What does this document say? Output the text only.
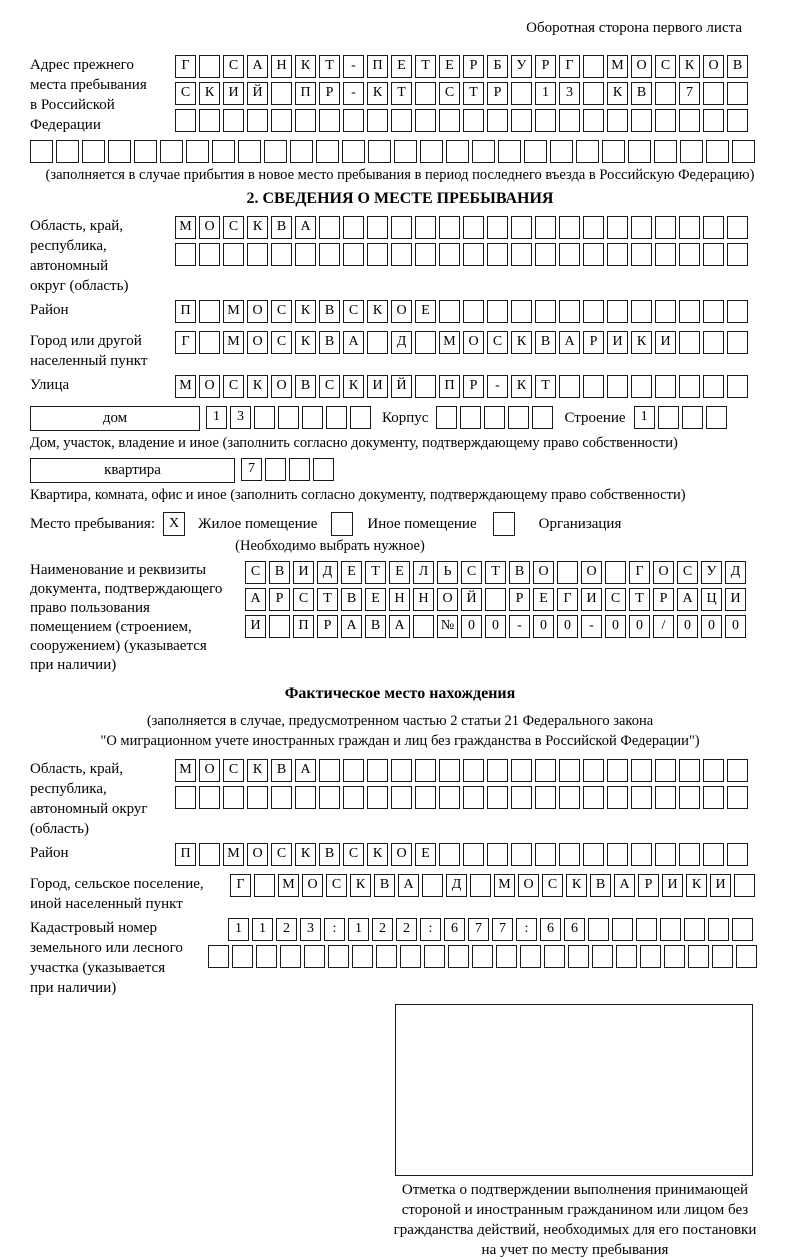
Оборотная сторона первого листа
Адрес прежнего
места пребывания
в Российской
Федерации
Г	С	А Н	К	Т	-	П	Е	Т	Е	Р	Б	У	Р	Г	М О	С	К	О	В
С	К	И Й	П	Р	-	К	Т	С	Т	Р	1	3	К	В	7
(заполняется в случае прибытия в новое место пребывания в период последнего въезда в Российскую Федерацию)
2. СВЕДЕНИЯ О МЕСТЕ ПРЕБЫВАНИЯ
Область, край,
республика,
автономный
округ (область)
М О	С	К	В	А
Район	П	М О	С	К	В	С	К	О	Е
Город или другой
населенный пункт
Г	М О	С	К	В	А	Д	М О	С	К	В	А	Р	И	К	И
Улица	М О	С	К	О	В	С	К	И Й	П	Р	-	К	Т
дом	1	3	Корпус	Строение	1
Дом, участок, владение и иное (заполнить согласно документу, подтверждающему право собственности)
квартира	7
Квартира, комната, офис и иное (заполнить согласно документу, подтверждающему право собственности)
Место пребывания: X	Жилое помещение	Иное помещение	Организация
(Необходимо выбрать нужное)
Наименование и реквизиты
документа, подтверждающего
право пользования
помещением (строением,
сооружением) (указывается
при наличии)
С	В	И	Д	Е	Т	Е	Л	Ь	С	Т	В	О	О	Г	О	С	У	Д
А	Р	С	Т	В	Е	Н Н О Й	Р	Е	Г	И	С	Т	Р	А Ц И
И	П	Р	А	В	А	№ 0	0	-	0	0	-	0	0	/	0	0	0
Фактическое место нахождения
(заполняется в случае, предусмотренном частью 2 статьи 21 Федерального закона
"О миграционном учете иностранных граждан и лиц без гражданства в Российской Федерации")
Область, край,
республика,
автономный округ
(область)
М О	С	К	В	А
Район	П	М О	С	К	В	С	К	О	Е
Город, сельское поселение,
иной населенный пункт
Г	М О	С	К	В	А	Д	М О	С	К	В	А	Р	И	К	И
Кадастровый номер
земельного или лесного
участка (указывается
при наличии)
1	1	2	3	:	1	2	2	:	6	7	7	:	6	6
Отметка о подтверждении выполнения принимающей
стороной и иностранным гражданином или лицом без
гражданства действий, необходимых для его постановки
на учет по месту пребывания
